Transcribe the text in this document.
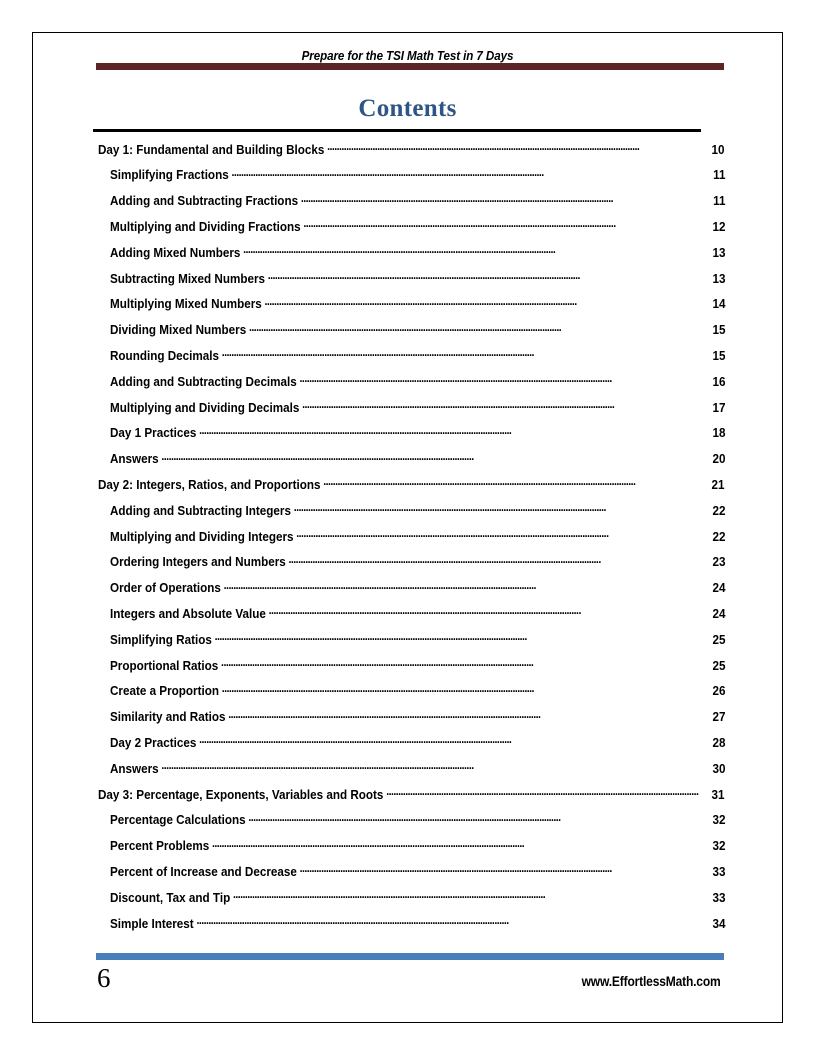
Prepare for the TSI Math Test in 7 Days
Contents
Day 1: Fundamental and Building Blocks . . .	10
Simplifying Fractions . . .	11
Adding and Subtracting Fractions . . .	11
Multiplying and Dividing Fractions . . .	12
Adding Mixed Numbers . . .	13
Subtracting Mixed Numbers . . .	13
Multiplying Mixed Numbers . . .	14
Dividing Mixed Numbers . . .	15
Rounding Decimals . . .	15
Adding and Subtracting Decimals . . .	16
Multiplying and Dividing Decimals . . .	17
Day 1 Practices . . .	18
Answers . . .	20
Day 2: Integers, Ratios, and Proportions . . .	21
Adding and Subtracting Integers . . .	22
Multiplying and Dividing Integers . . .	22
Ordering Integers and Numbers . . .	23
Order of Operations . . .	24
Integers and Absolute Value . . .	24
Simplifying Ratios . . .	25
Proportional Ratios . . .	25
Create a Proportion . . .	26
Similarity and Ratios . . .	27
Day 2 Practices . . .	28
Answers . . .	30
Day 3: Percentage, Exponents, Variables and Roots . . .	31
Percentage Calculations . . .	32
Percent Problems . . .	32
Percent of Increase and Decrease . . .	33
Discount, Tax and Tip . . .	33
Simple Interest . . .	34
6	www.EffortlessMath.com
